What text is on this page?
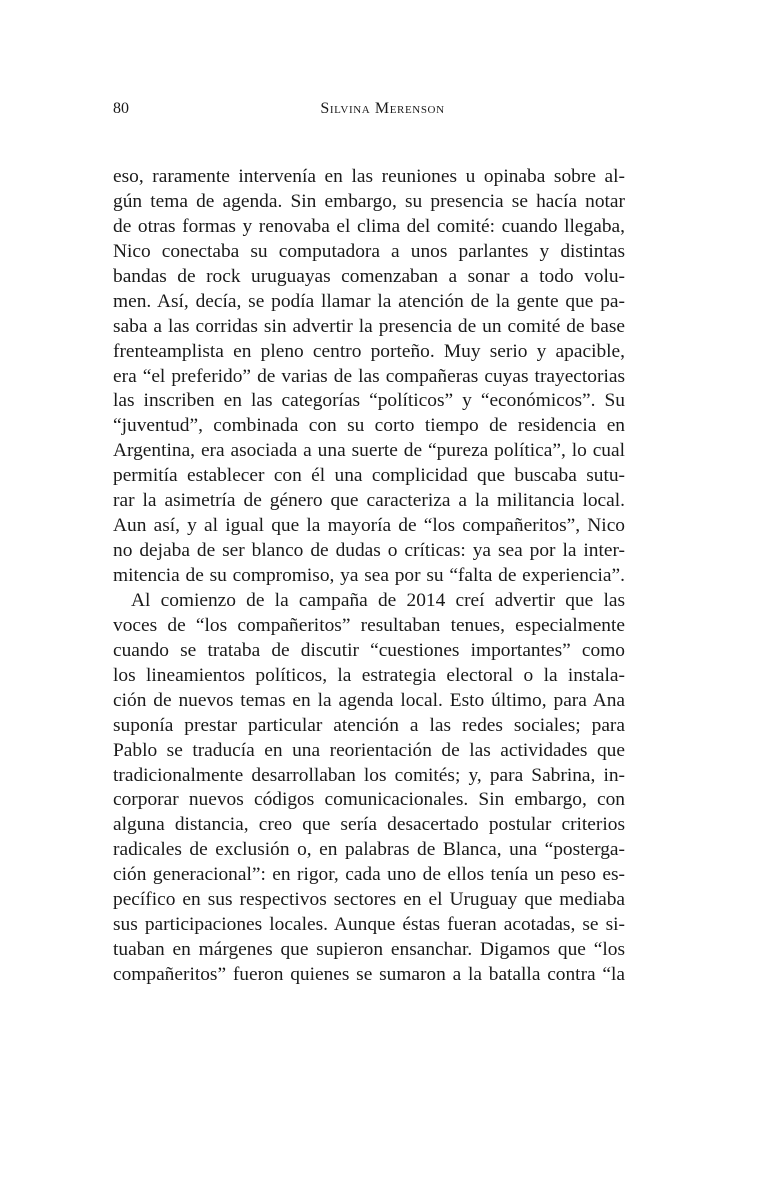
80	Silvina Merenson
eso, raramente intervenía en las reuniones u opinaba sobre al-
gún tema de agenda. Sin embargo, su presencia se hacía notar
de otras formas y renovaba el clima del comité: cuando llegaba,
Nico conectaba su computadora a unos parlantes y distintas
bandas de rock uruguayas comenzaban a sonar a todo volu-
men. Así, decía, se podía llamar la atención de la gente que pa-
saba a las corridas sin advertir la presencia de un comité de base
frenteamplista en pleno centro porteño. Muy serio y apacible,
era “el preferido” de varias de las compañeras cuyas trayectorias
las inscriben en las categorías “políticos” y “económicos”. Su
“juventud”, combinada con su corto tiempo de residencia en
Argentina, era asociada a una suerte de “pureza política”, lo cual
permitía establecer con él una complicidad que buscaba sutu-
rar la asimetría de género que caracteriza a la militancia local.
Aun así, y al igual que la mayoría de “los compañeritos”, Nico
no dejaba de ser blanco de dudas o críticas: ya sea por la inter-
mitencia de su compromiso, ya sea por su “falta de experiencia”.
Al comienzo de la campaña de 2014 creí advertir que las
voces de “los compañeritos” resultaban tenues, especialmente
cuando se trataba de discutir “cuestiones importantes” como
los lineamientos políticos, la estrategia electoral o la instala-
ción de nuevos temas en la agenda local. Esto último, para Ana
suponía prestar particular atención a las redes sociales; para
Pablo se traducía en una reorientación de las actividades que
tradicionalmente desarrollaban los comités; y, para Sabrina, in-
corporar nuevos códigos comunicacionales. Sin embargo, con
alguna distancia, creo que sería desacertado postular criterios
radicales de exclusión o, en palabras de Blanca, una “posterga-
ción generacional”: en rigor, cada uno de ellos tenía un peso es-
pecífico en sus respectivos sectores en el Uruguay que mediaba
sus participaciones locales. Aunque éstas fueran acotadas, se si-
tuaban en márgenes que supieron ensanchar. Digamos que “los
compañeritos” fueron quienes se sumaron a la batalla contra “la
